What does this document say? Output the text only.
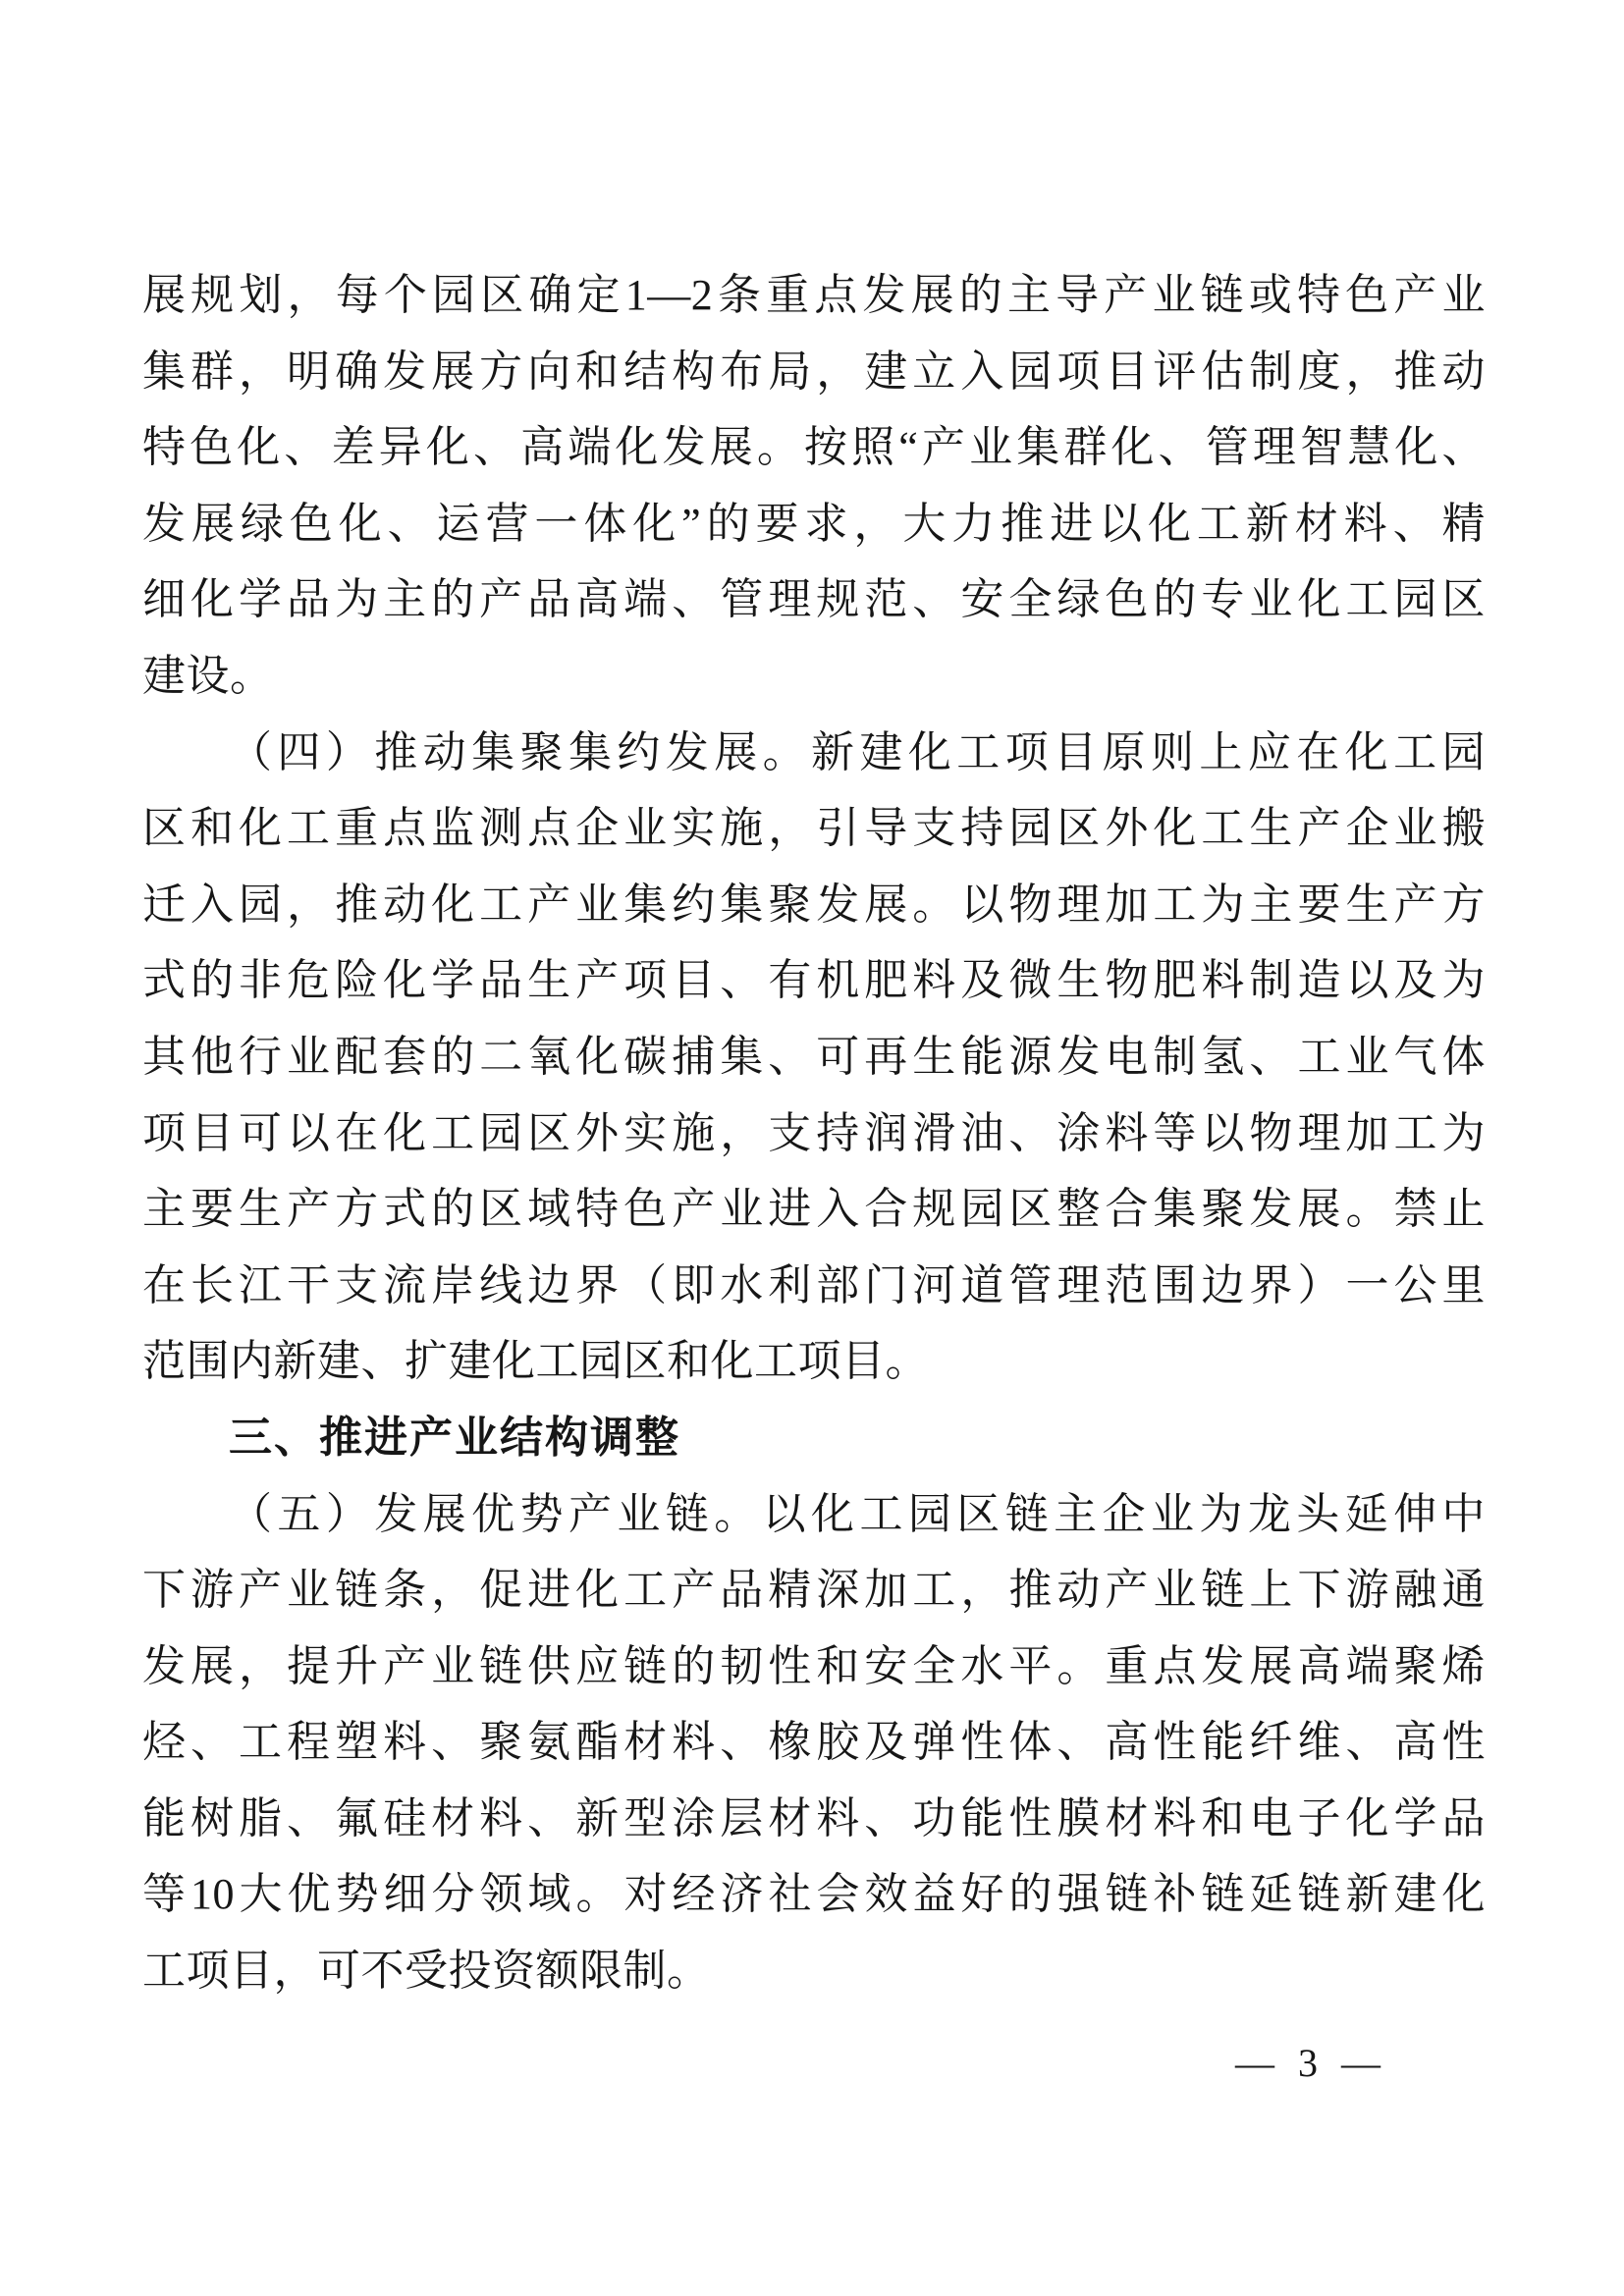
展规划，每个园区确定1—2条重点发展的主导产业链或特色产业
集群，明确发展方向和结构布局，建立入园项目评估制度，推动
特色化、差异化、高端化发展。按照“产业集群化、管理智慧化、
发展绿色化、运营一体化”的要求，大力推进以化工新材料、精
细化学品为主的产品高端、管理规范、安全绿色的专业化工园区
建设。
（四）推动集聚集约发展。新建化工项目原则上应在化工园
区和化工重点监测点企业实施，引导支持园区外化工生产企业搬
迁入园，推动化工产业集约集聚发展。以物理加工为主要生产方
式的非危险化学品生产项目、有机肥料及微生物肥料制造以及为
其他行业配套的二氧化碳捕集、可再生能源发电制氢、工业气体
项目可以在化工园区外实施，支持润滑油、涂料等以物理加工为
主要生产方式的区域特色产业进入合规园区整合集聚发展。禁止
在长江干支流岸线边界（即水利部门河道管理范围边界）一公里
范围内新建、扩建化工园区和化工项目。
三、推进产业结构调整
（五）发展优势产业链。以化工园区链主企业为龙头延伸中
下游产业链条，促进化工产品精深加工，推动产业链上下游融通
发展，提升产业链供应链的韧性和安全水平。重点发展高端聚烯
烃、工程塑料、聚氨酯材料、橡胶及弹性体、高性能纤维、高性
能树脂、氟硅材料、新型涂层材料、功能性膜材料和电子化学品
等10大优势细分领域。对经济社会效益好的强链补链延链新建化
工项目，可不受投资额限制。
— 3 —
